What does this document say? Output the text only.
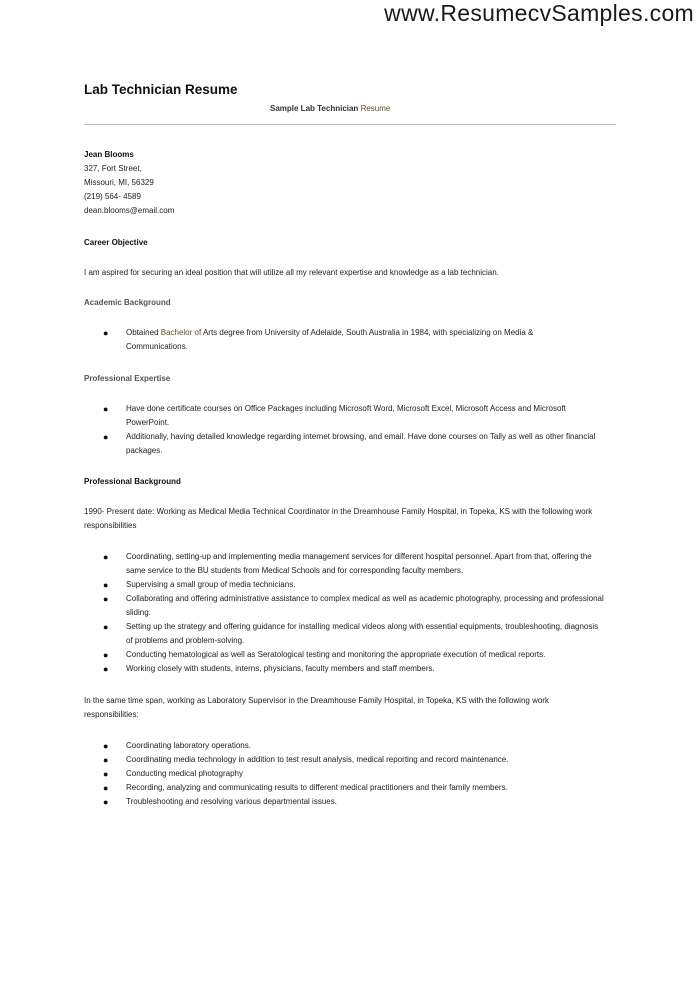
www.ResumecvSamples.com
Lab Technician Resume
Sample Lab Technician Resume
Jean Blooms
327, Fort Street,
Missouri, MI, 56329
(219) 564- 4589
dean.blooms@email.com
Career Objective
I am aspired for securing an ideal position that will utilize all my relevant expertise and knowledge as a lab technician.
Academic Background
● Obtained Bachelor of Arts degree from University of Adelaide, South Australia in 1984, with specializing on Media & Communications.
Professional Expertise
● Have done certificate courses on Office Packages including Microsoft Word, Microsoft Excel, Microsoft Access and Microsoft PowerPoint.
● Additionally, having detailed knowledge regarding internet browsing, and email. Have done courses on Tally as well as other financial packages.
Professional Background
1990- Present date: Working as Medical Media Technical Coordinator in the Dreamhouse Family Hospital, in Topeka, KS with the following work responsibilities
● Coordinating, setting-up and implementing media management services for different hospital personnel. Apart from that, offering the same service to the BU students from Medical Schools and for corresponding faculty members.
● Supervising a small group of media technicians.
● Collaborating and offering administrative assistance to complex medical as well as academic photography, processing and professional sliding.
● Setting up the strategy and offering guidance for installing medical videos along with essential equipments, troubleshooting, diagnosis of problems and problem-solving.
● Conducting hematological as well as Seratological testing and monitoring the appropriate execution of medical reports.
● Working closely with students, interns, physicians, faculty members and staff members.
In the same time span, working as Laboratory Supervisor in the Dreamhouse Family Hospital, in Topeka, KS with the following work responsibilities:
● Coordinating laboratory operations.
● Coordinating media technology in addition to test result analysis, medical reporting and record maintenance.
● Conducting medical photography
● Recording, analyzing and communicating results to different medical practitioners and their family members.
● Troubleshooting and resolving various departmental issues.
